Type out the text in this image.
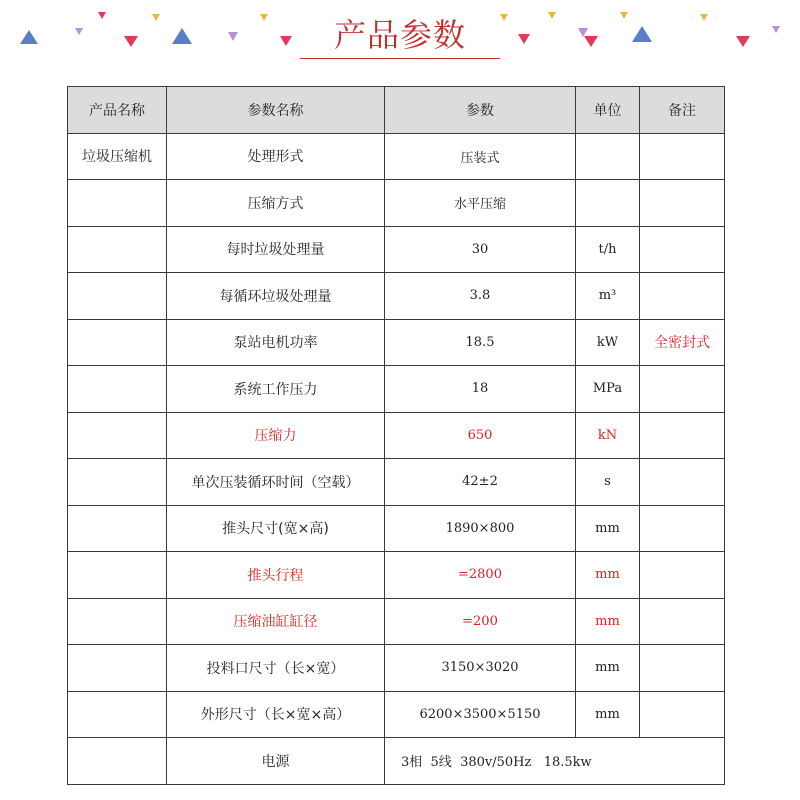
产品参数
产品名称	参数名称	参数	单位	备注
垃圾压缩机	处理形式	压装式		
	压缩方式	水平压缩		
	每时垃圾处理量	30	t/h	
	每循环垃圾处理量	3.8	m³	
	泵站电机功率	18.5	kW	全密封式
	系统工作压力	18	MPa	
	压缩力	650	kN	
	单次压装循环时间（空载）	42±2	s	
	推头尺寸(宽×高)	1890×800	mm	
	推头行程	=2800	mm	
	压缩油缸缸径	=200	mm	
	投料口尺寸（长×宽）	3150×3020	mm	
	外形尺寸（长×宽×高）	6200×3500×5150	mm	
	电源	3相  5线  380v/50Hz   18.5kw		
